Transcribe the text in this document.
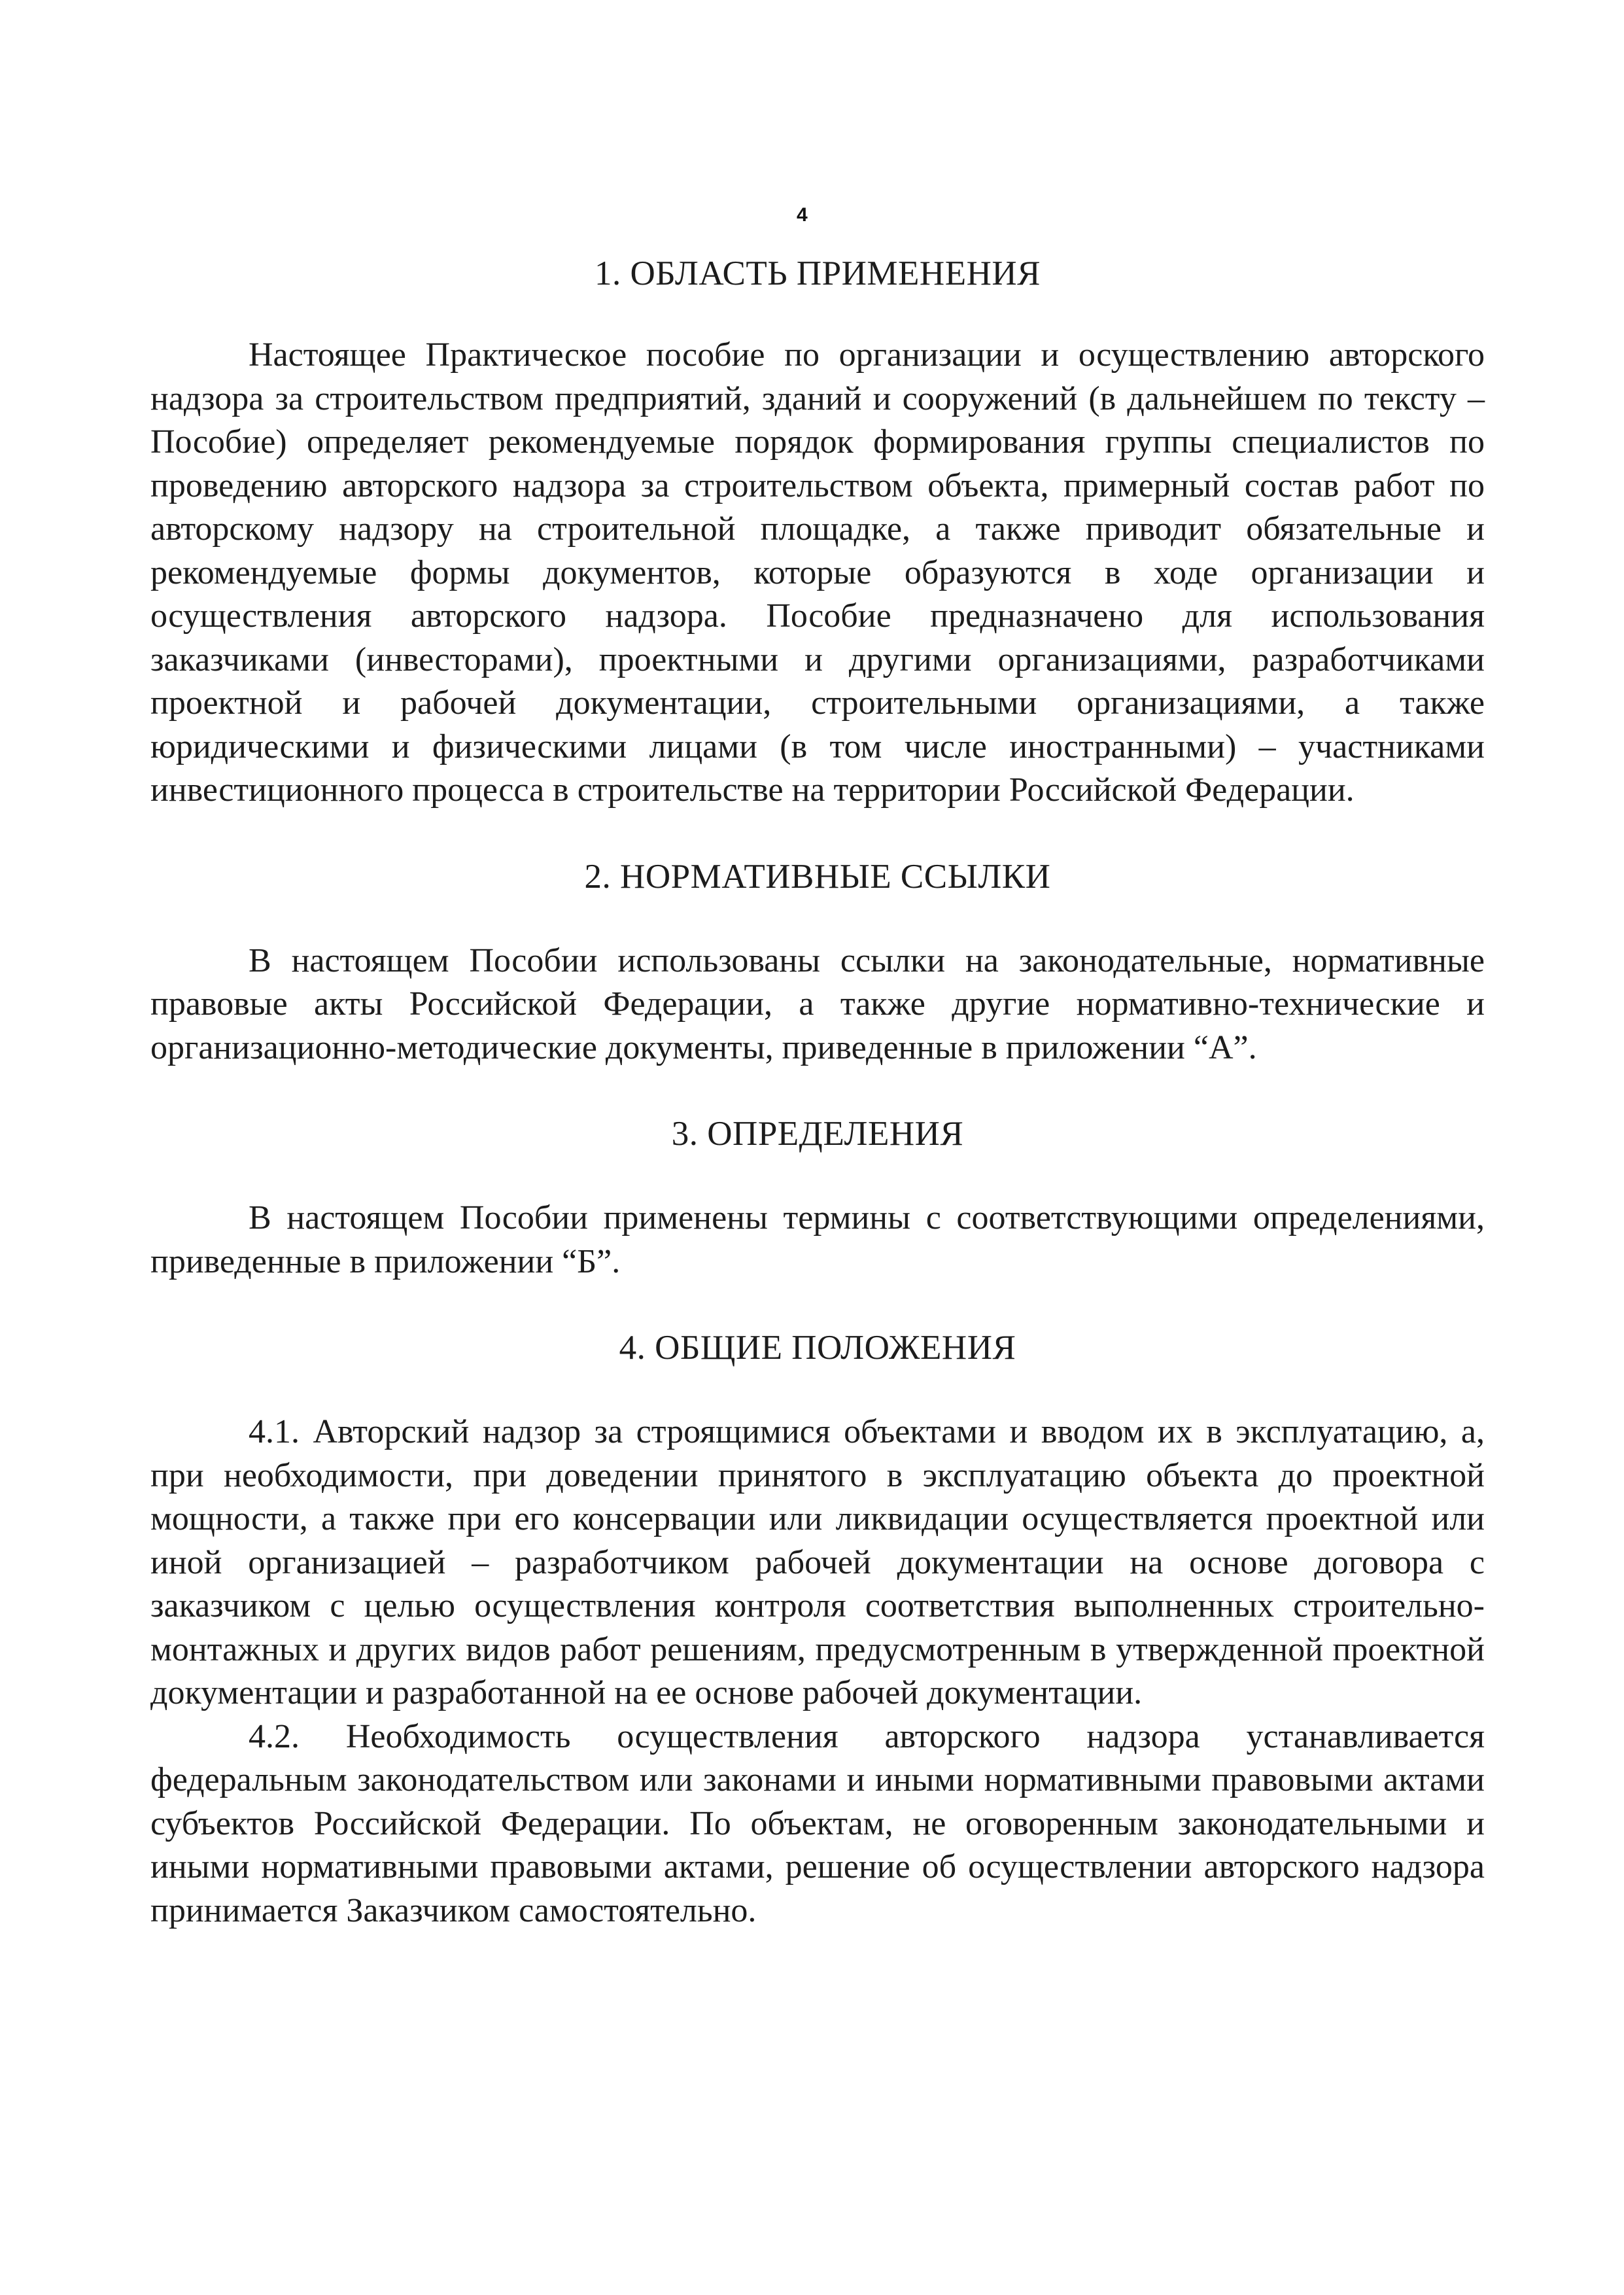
4
1. ОБЛАСТЬ ПРИМЕНЕНИЯ

Настоящее Практическое пособие по организации и осуществлению авторского надзора за строительством предприятий, зданий и сооружений (в дальнейшем по тексту – Пособие) определяет рекомендуемые порядок формирования группы специалистов по проведению авторского надзора за строительством объекта, примерный состав работ по авторскому надзору на строительной площадке, а также приводит обязательные и рекомендуемые формы документов, которые образуются в ходе организации и осуществления авторского надзора. Пособие предназначено для использования заказчиками (инвесторами), проектными и другими организациями, разработчиками проектной и рабочей документации, строительными организациями, а также юридическими и физическими лицами (в том числе иностранными) – участниками инвестиционного процесса в строительстве на территории Российской Федерации.

2. НОРМАТИВНЫЕ ССЫЛКИ

В настоящем Пособии использованы ссылки на законодательные, нормативные правовые акты Российской Федерации, а также другие нормативно-технические и организационно-методические документы, приведенные в приложении “А”.

3. ОПРЕДЕЛЕНИЯ

В настоящем Пособии применены термины с соответствующими определениями, приведенные в приложении “Б”.

4. ОБЩИЕ ПОЛОЖЕНИЯ

4.1. Авторский надзор за строящимися объектами и вводом их в эксплуатацию, а, при необходимости, при доведении принятого в эксплуатацию объекта до проектной мощности, а также при его консервации или ликвидации осуществляется проектной или иной организацией – разработчиком рабочей документации на основе договора с заказчиком с целью осуществления контроля соответствия выполненных строительно-монтажных и других видов работ решениям, предусмотренным в утвержденной проектной документации и разработанной на ее основе рабочей документации.

4.2. Необходимость осуществления авторского надзора устанавливается федеральным законодательством или законами и иными нормативными правовыми актами субъектов Российской Федерации. По объектам, не оговоренным законодательными и иными нормативными правовыми актами, решение об осуществлении авторского надзора принимается Заказчиком самостоятельно.
